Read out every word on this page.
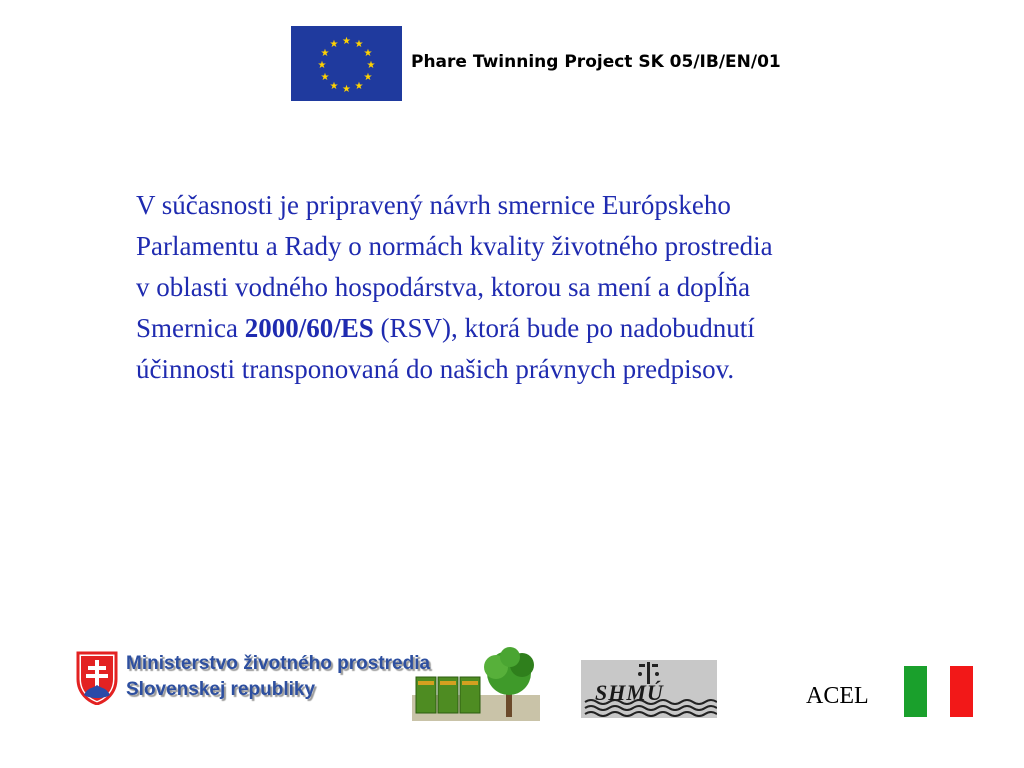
★ ★
★
★
★
★
★
★
★
★
★
★
Phare Twinning Project SK 05/IB/EN/01
V súčasnosti je pripravený návrh smernice Európskeho
Parlamentu a Rady o normách kvality životného prostredia
v oblasti vodného hospodárstva, ktorou sa mení a dopĺňa
Smernica 2000/60/ES (RSV), ktorá bude po nadobudnutí
účinnosti transponovaná do našich právnych predpisov.
Ministerstvo životného prostredia
Slovenskej republiky	SHMÚ	ACEL
